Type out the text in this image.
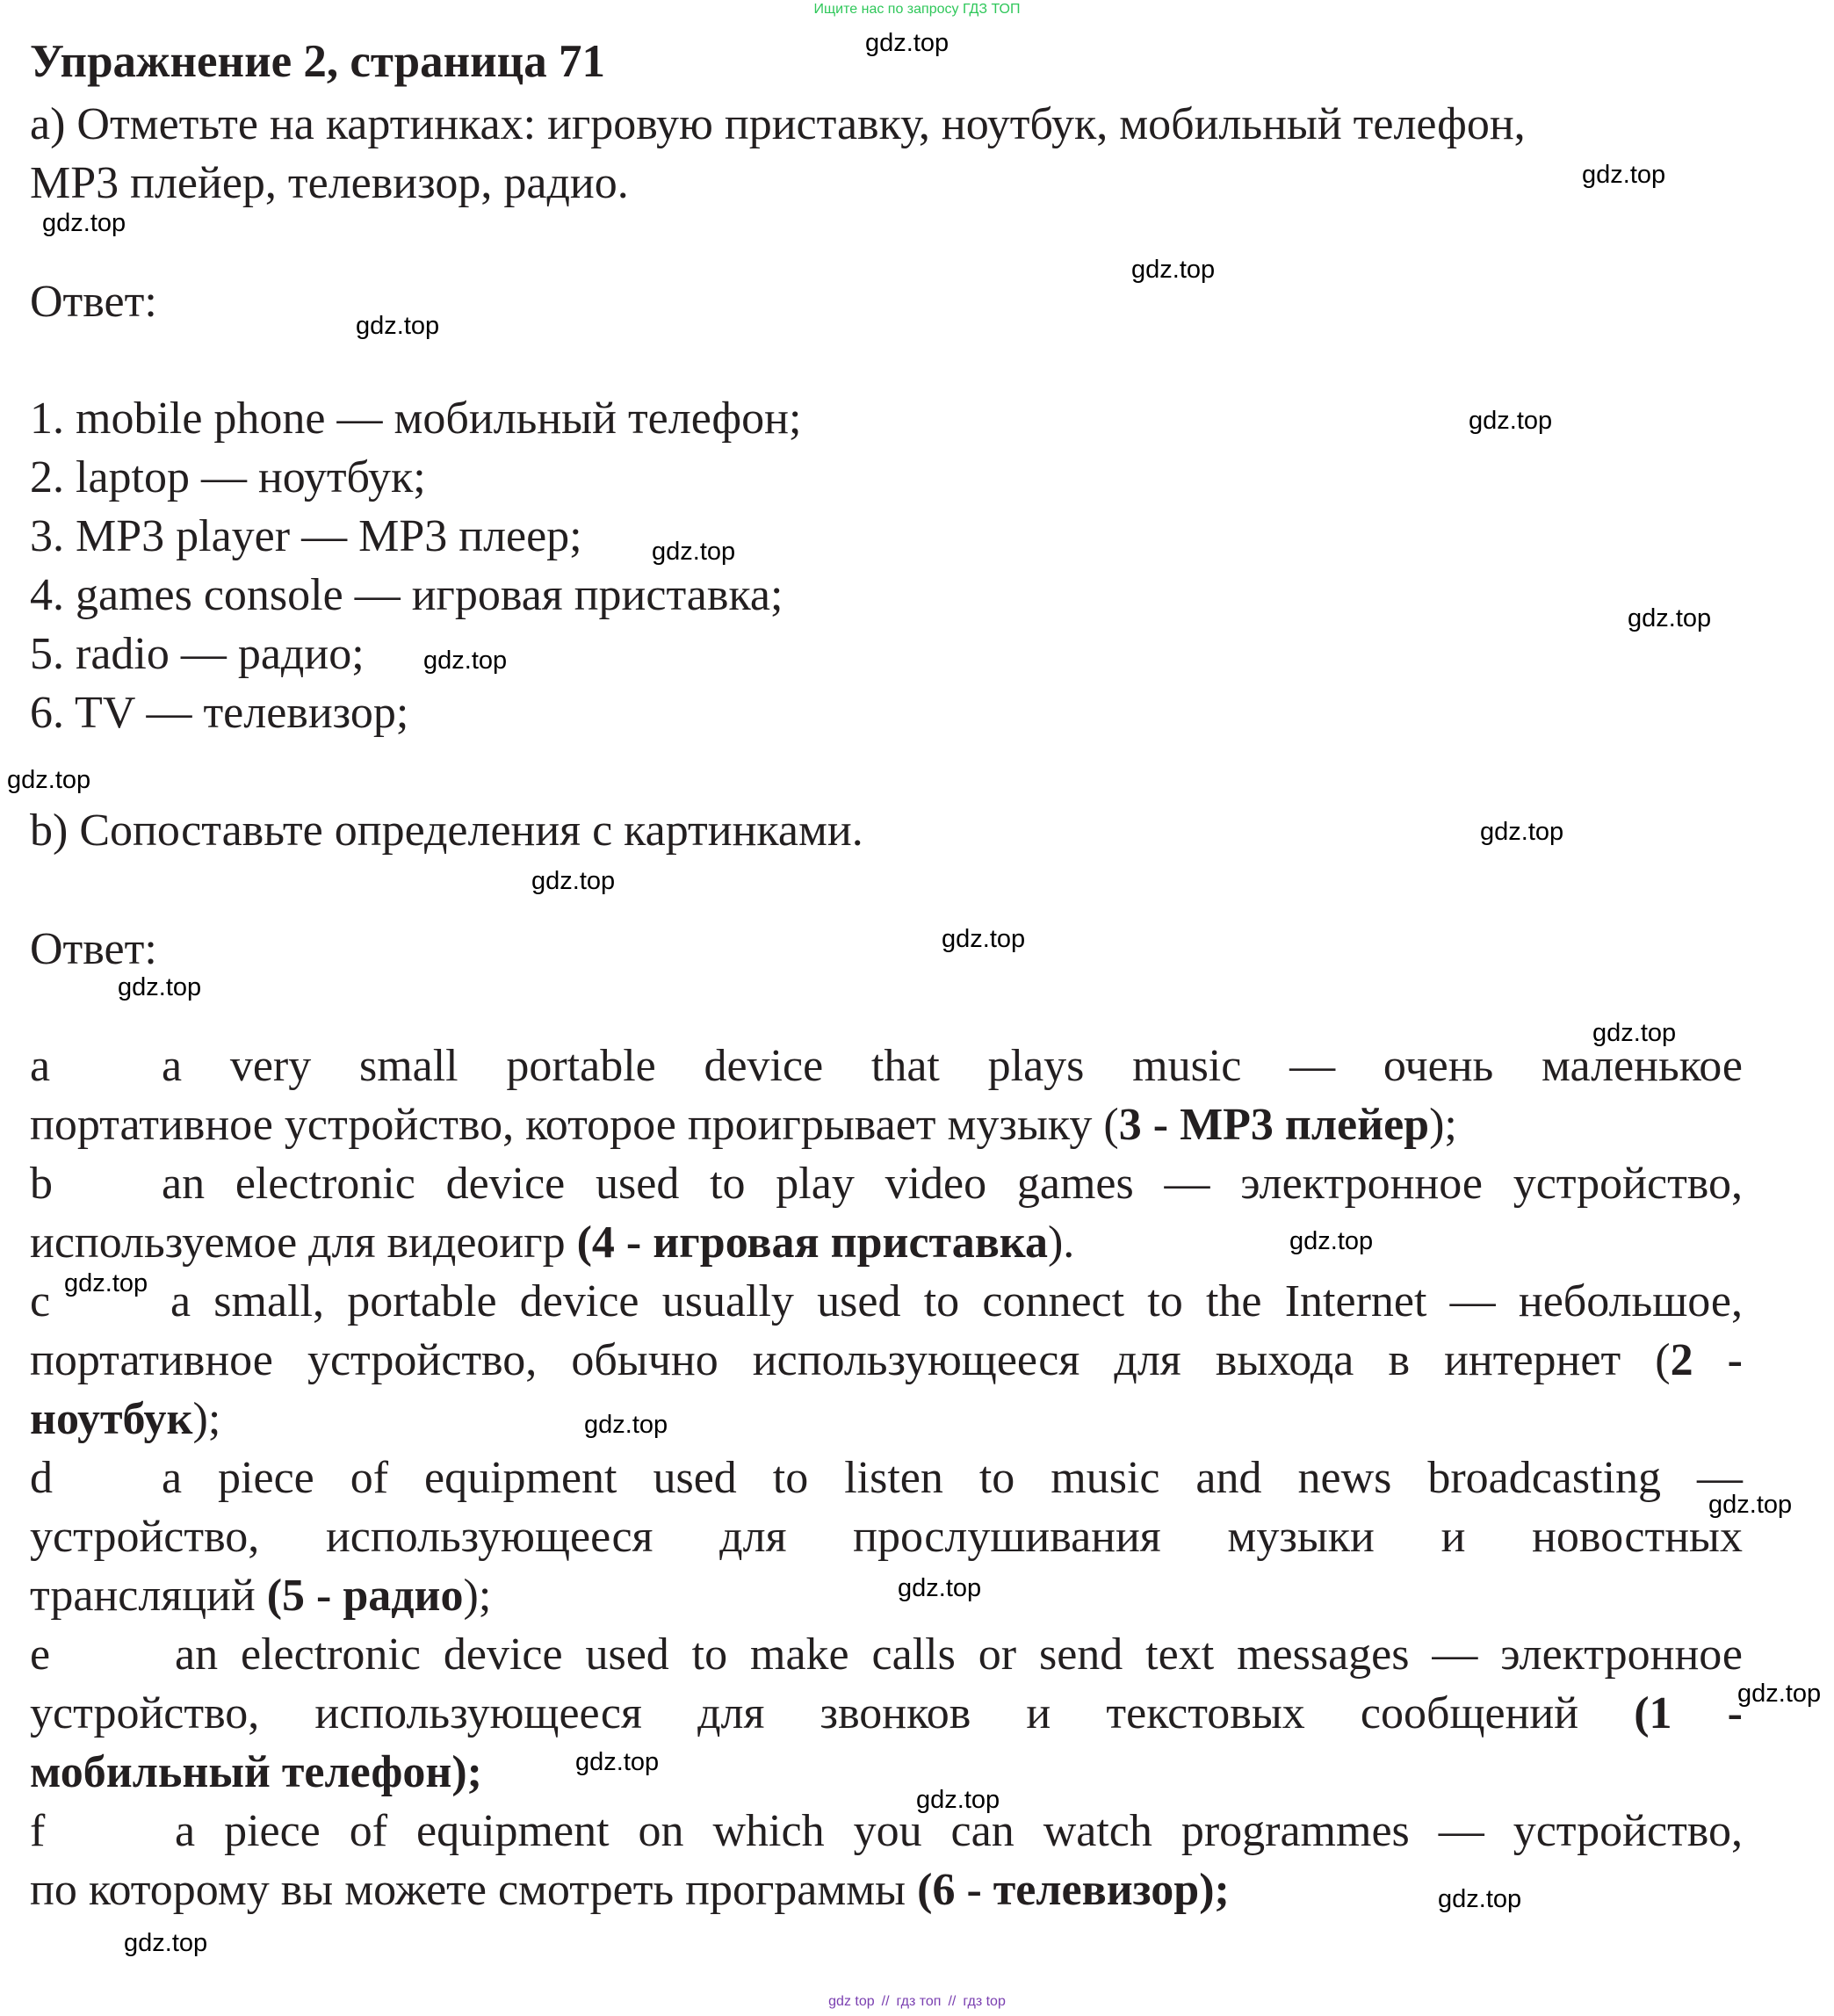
Ищите нас по запросу ГДЗ ТОП
Упражнение 2, страница 71
a) Отметьте на картинках: игровую приставку, ноутбук, мобильный телефон,
MP3 плейер, телевизор, радио.
Ответ:
1. mobile phone — мобильный телефон;
2. laptop — ноутбук;
3. MP3 player — MP3 плеер;
4. games console — игровая приставка;
5. radio — радио;
6. TV — телевизор;
b) Сопоставьте определения с картинками.
Ответ:
a a very small portable device that plays music — очень маленькое
портативное устройство, которое проигрывает музыку (3 - MP3 плейер);
b an electronic device used to play video games — электронное устройство,
используемое для видеоигр (4 - игровая приставка).
c	a small, portable device usually used to connect to the Internet — небольшое,
портативное устройство, обычно использующееся для выхода в интернет (2 -
ноутбук);
d a piece of equipment used to listen to music and news broadcasting —
устройство, использующееся для прослушивания музыки и новостных
трансляций (5 - радио);
e	an electronic device used to make calls or send text messages — электронное
устройство, использующееся для звонков и текстовых сообщений (1 -
мобильный телефон);
f	a piece of equipment on which you can watch programmes — устройство,
по которому вы можете смотреть программы (6 - телевизор);
gdz.top
gdz.top
gdz.top
gdz.top
gdz.top
gdz.top
gdz.top
gdz.top
gdz.top
gdz.top
gdz.top
gdz.top
gdz.top
gdz.top
gdz.top
gdz.top
gdz.top
gdz.top
gdz.top
gdz.top
gdz.top
gdz.top
gdz.top
gdz.top
gdz.top
gdz top // гдз топ // гдз top
